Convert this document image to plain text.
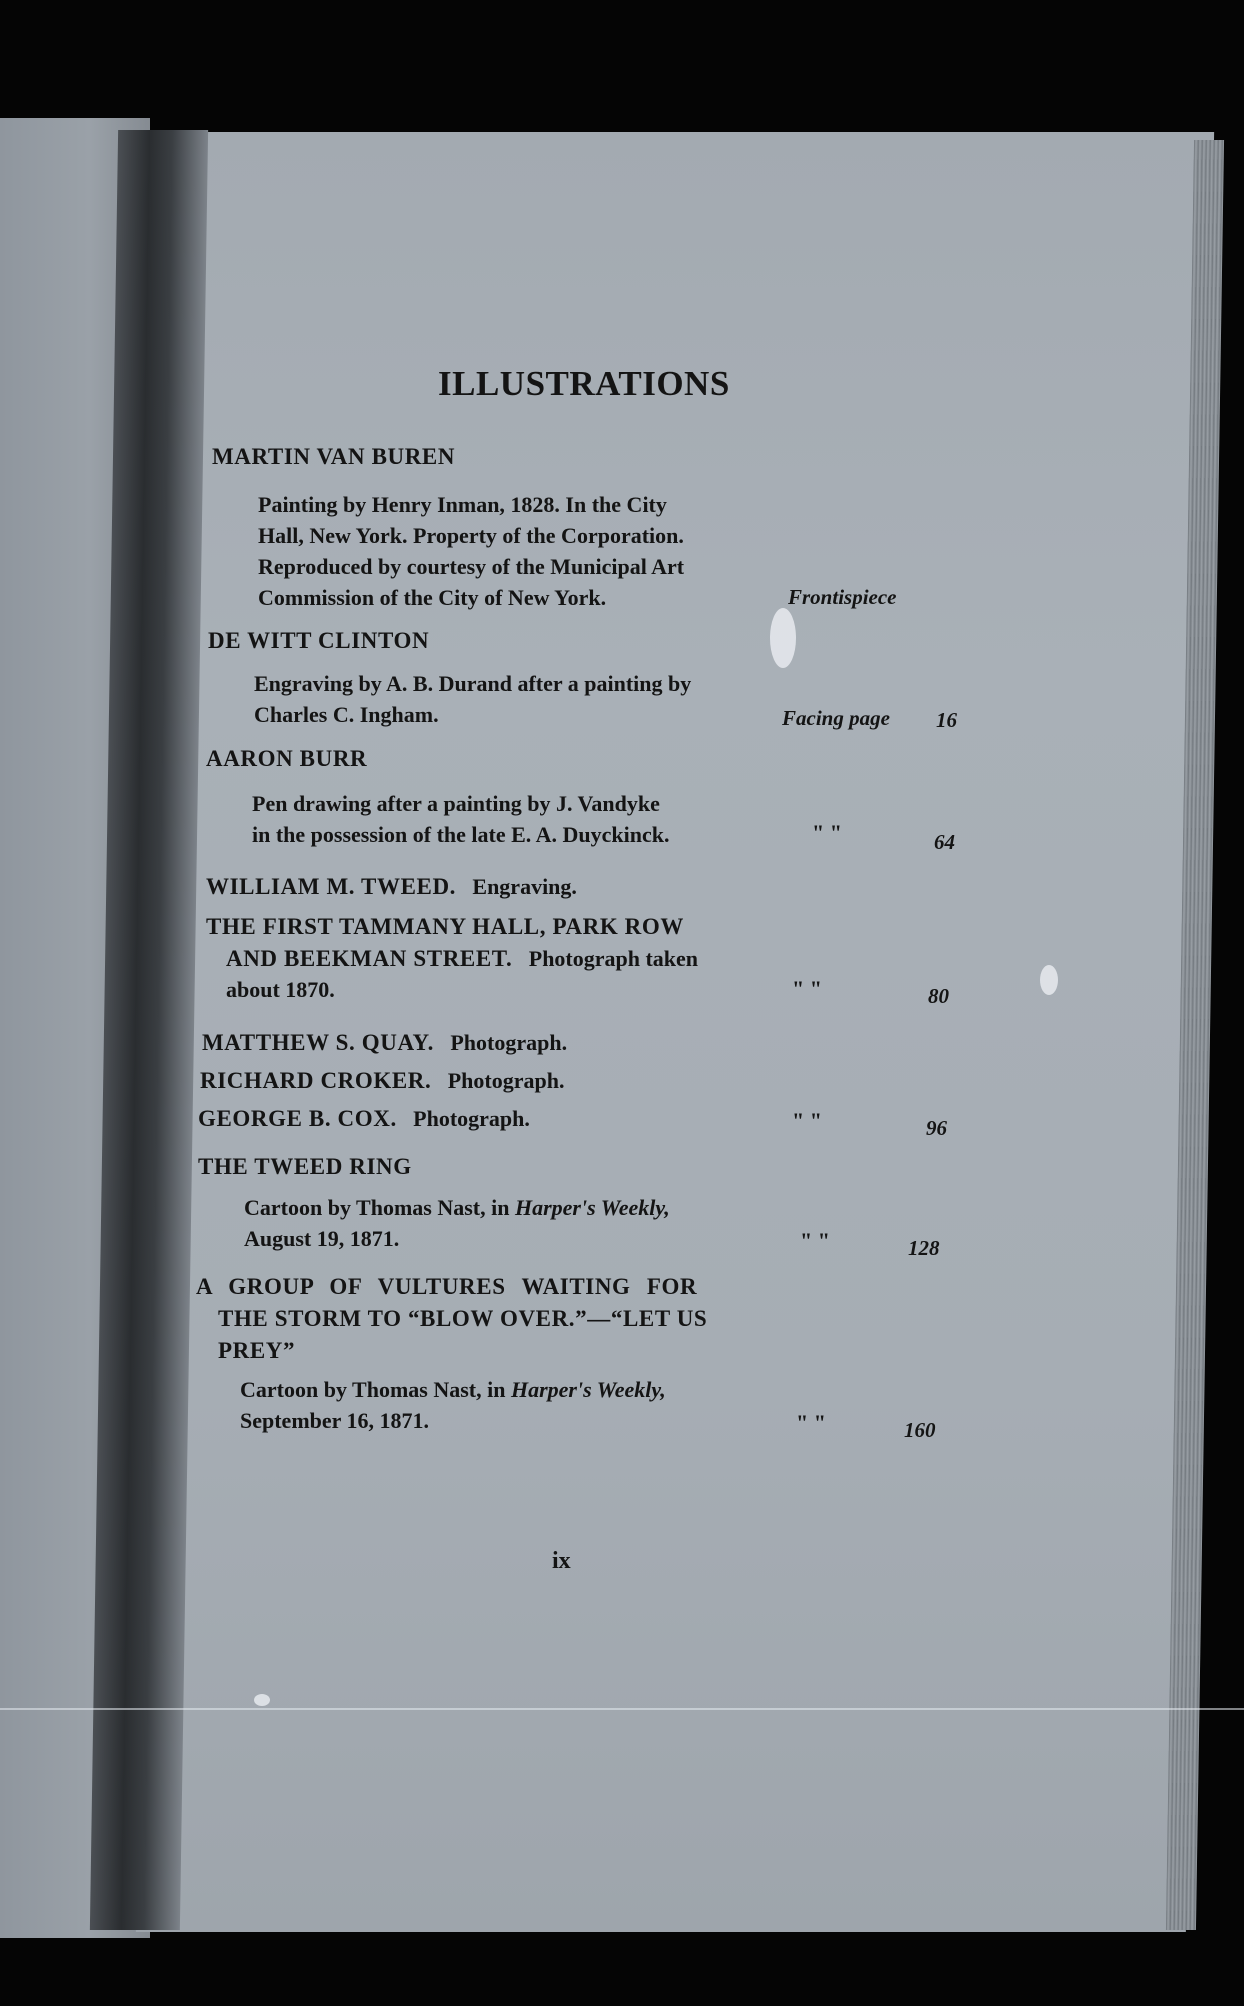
ILLUSTRATIONS
MARTIN VAN BUREN
Painting by Henry Inman, 1828. In the City
Hall, New York. Property of the Corporation.
Reproduced by courtesy of the Municipal Art
Commission of the City of New York.	Frontispiece
DE WITT CLINTON
Engraving by A. B. Durand after a painting by
Charles C. Ingham.	Facing page 16
AARON BURR
Pen drawing after a painting by J. Vandyke
in the possession of the late E. A. Duyckinck.	" "	64
WILLIAM M. TWEED. Engraving.
THE FIRST TAMMANY HALL, PARK ROW
AND BEEKMAN STREET. Photograph taken
about 1870.	" "	80
MATTHEW S. QUAY. Photograph.
RICHARD CROKER. Photograph.
GEORGE B. COX. Photograph.	" "	96
THE TWEED RING
Cartoon by Thomas Nast, in Harper's Weekly,
August 19, 1871.	" "	128
A GROUP OF VULTURES WAITING FOR
THE STORM TO “BLOW OVER.”—“LET US
PREY”
Cartoon by Thomas Nast, in Harper's Weekly,
September 16, 1871.	" "	160
ix
